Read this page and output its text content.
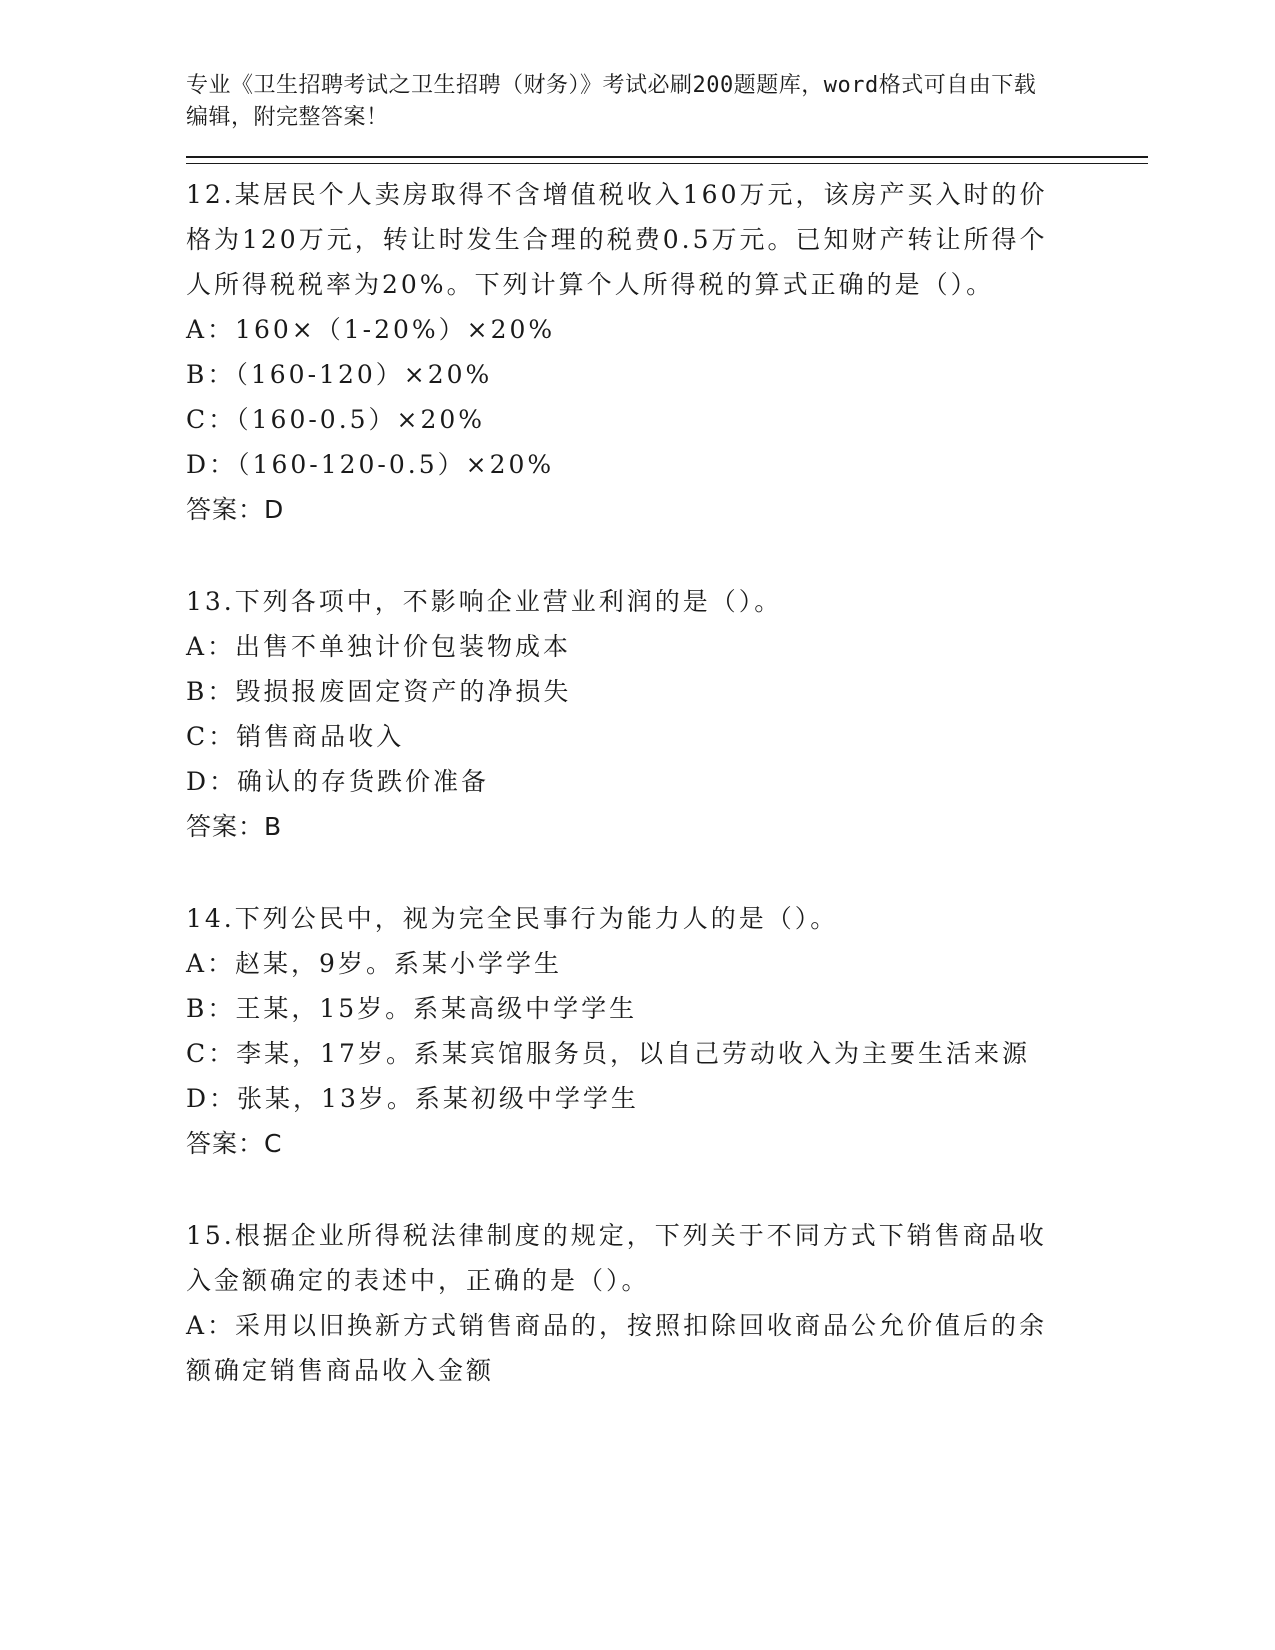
专业《卫生招聘考试之卫生招聘（财务）》考试必刷200题题库，word格式可自由下载编辑，附完整答案！
12.某居民个人卖房取得不含增值税收入160万元，该房产买入时的价格为120万元，转让时发生合理的税费0.5万元。已知财产转让所得个人所得税税率为20%。下列计算个人所得税的算式正确的是（）。
A：160×（1-20%）×20%
B：（160-120）×20%
C：（160-0.5）×20%
D：（160-120-0.5）×20%
答案：D
13.下列各项中，不影响企业营业利润的是（）。
A：出售不单独计价包装物成本
B：毁损报废固定资产的净损失
C：销售商品收入
D：确认的存货跌价准备
答案：B
14.下列公民中，视为完全民事行为能力人的是（）。
A：赵某，9岁。系某小学学生
B：王某，15岁。系某高级中学学生
C：李某，17岁。系某宾馆服务员，以自己劳动收入为主要生活来源
D：张某，13岁。系某初级中学学生
答案：C
15.根据企业所得税法律制度的规定，下列关于不同方式下销售商品收入金额确定的表述中，正确的是（）。
A：采用以旧换新方式销售商品的，按照扣除回收商品公允价值后的余额确定销售商品收入金额
